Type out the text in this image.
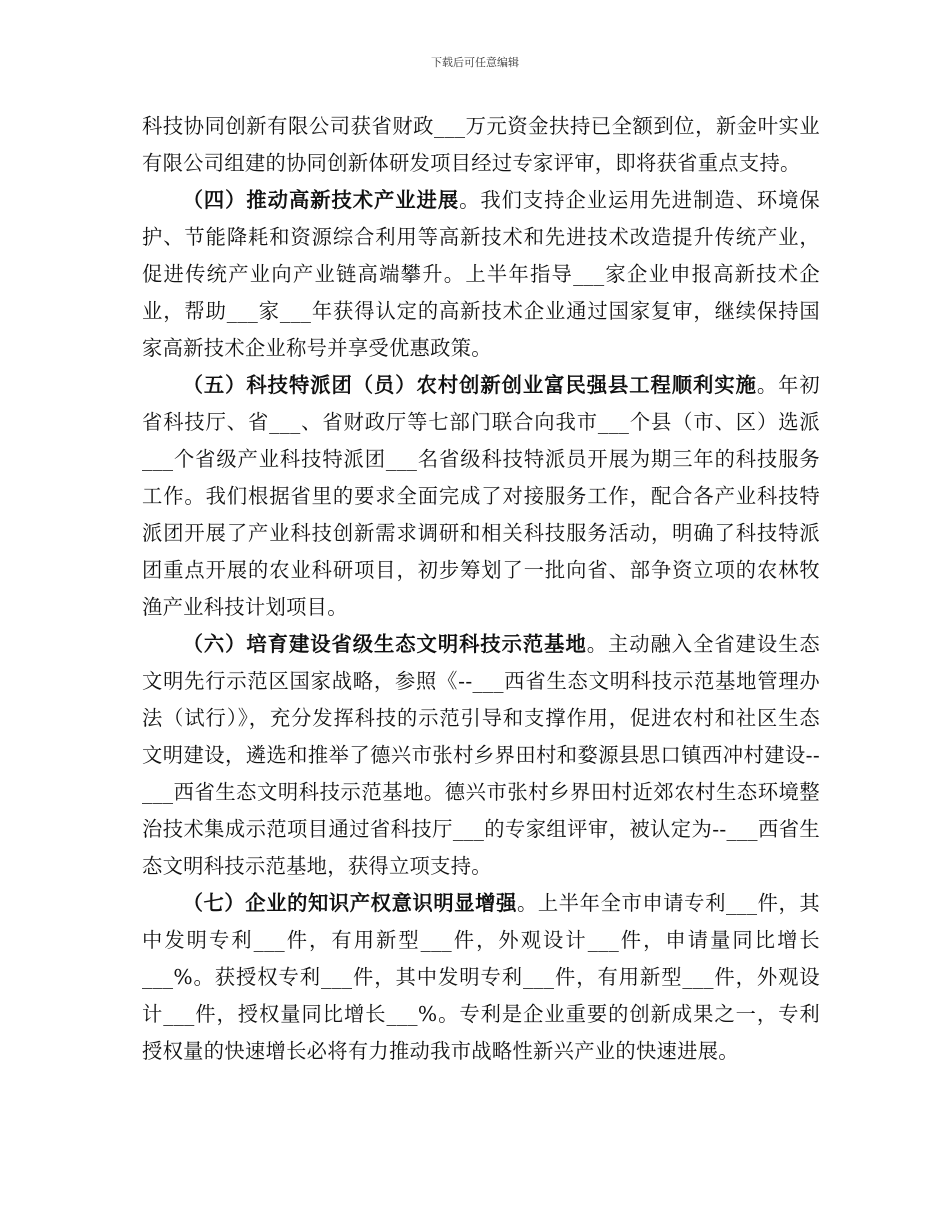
下载后可任意编辑

科技协同创新有限公司获省财政___万元资金扶持已全额到位，新金叶实业有限公司组建的协同创新体研发项目经过专家评审，即将获省重点支持。

（四）推动高新技术产业进展。我们支持企业运用先进制造、环境保护、节能降耗和资源综合利用等高新技术和先进技术改造提升传统产业，促进传统产业向产业链高端攀升。上半年指导___家企业申报高新技术企业，帮助___家___年获得认定的高新技术企业通过国家复审，继续保持国家高新技术企业称号并享受优惠政策。

（五）科技特派团（员）农村创新创业富民强县工程顺利实施。年初省科技厅、省___、省财政厅等七部门联合向我市___个县（市、区）选派___个省级产业科技特派团___名省级科技特派员开展为期三年的科技服务工作。我们根据省里的要求全面完成了对接服务工作，配合各产业科技特派团开展了产业科技创新需求调研和相关科技服务活动，明确了科技特派团重点开展的农业科研项目，初步筹划了一批向省、部争资立项的农林牧渔产业科技计划项目。

（六）培育建设省级生态文明科技示范基地。主动融入全省建设生态文明先行示范区国家战略，参照《--___西省生态文明科技示范基地管理办法（试行）》，充分发挥科技的示范引导和支撑作用，促进农村和社区生态文明建设，遴选和推举了德兴市张村乡界田村和婺源县思口镇西冲村建设--___西省生态文明科技示范基地。德兴市张村乡界田村近郊农村生态环境整治技术集成示范项目通过省科技厅___的专家组评审，被认定为--___西省生态文明科技示范基地，获得立项支持。

（七）企业的知识产权意识明显增强。上半年全市申请专利___件，其中发明专利___件，有用新型___件，外观设计___件，申请量同比增长___%。获授权专利___件，其中发明专利___件，有用新型___件，外观设计___件，授权量同比增长___%。专利是企业重要的创新成果之一，专利授权量的快速增长必将有力推动我市战略性新兴产业的快速进展。
